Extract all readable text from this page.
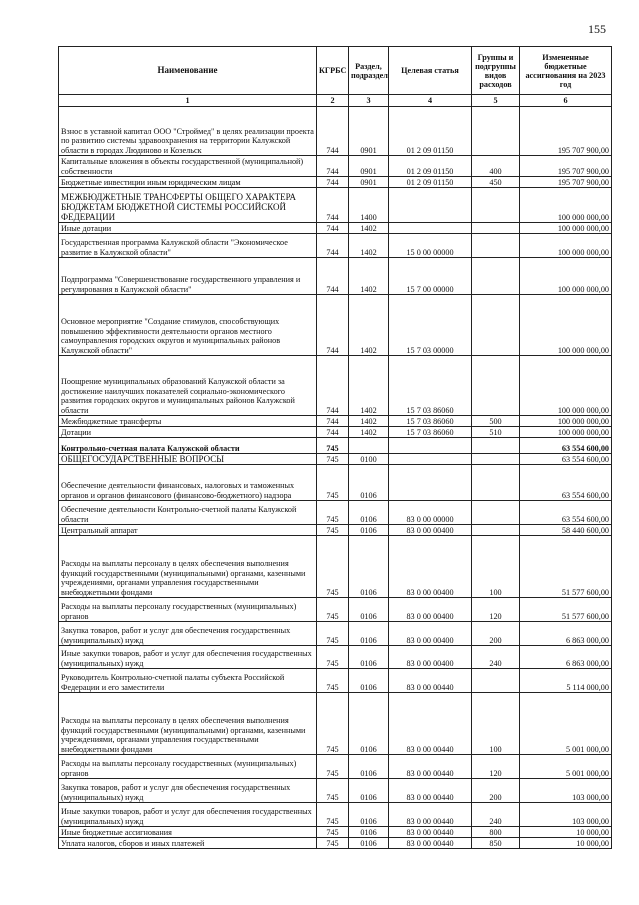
155
Наименование	КГРБС	Раздел, подраздел	Целевая статья	Группы и подгруппы видов расходов	Измененные бюджетные ассигнования на 2023 год
1	2	3	4	5	6
Взнос в уставной капитал ООО "Строймед" в целях реализации проекта по развитию системы здравоохранения на территории Калужской области в городах Людиново и Козельск	744	0901	01 2 09 01150		195 707 900,00
Капитальные вложения в объекты государственной (муниципальной) собственности	744	0901	01 2 09 01150	400	195 707 900,00
Бюджетные инвестиции иным юридическим лицам	744	0901	01 2 09 01150	450	195 707 900,00
МЕЖБЮДЖЕТНЫЕ ТРАНСФЕРТЫ ОБЩЕГО ХАРАКТЕРА БЮДЖЕТАМ БЮДЖЕТНОЙ СИСТЕМЫ РОССИЙСКОЙ ФЕДЕРАЦИИ	744	1400			100 000 000,00
Иные дотации	744	1402			100 000 000,00
Государственная программа Калужской области "Экономическое развитие в Калужской области"	744	1402	15 0 00 00000		100 000 000,00
Подпрограмма "Совершенствование государственного управления и регулирования в Калужской области"	744	1402	15 7 00 00000		100 000 000,00
Основное мероприятие "Создание стимулов, способствующих повышению эффективности деятельности органов местного самоуправления городских округов и муниципальных районов Калужской области"	744	1402	15 7 03 00000		100 000 000,00
Поощрение муниципальных образований Калужской области за достижение наилучших показателей социально-экономического развития городских округов и муниципальных районов Калужской области	744	1402	15 7 03 86060		100 000 000,00
Межбюджетные трансферты	744	1402	15 7 03 86060	500	100 000 000,00
Дотации	744	1402	15 7 03 86060	510	100 000 000,00
Контрольно-счетная палата Калужской области	745				63 554 600,00
ОБЩЕГОСУДАРСТВЕННЫЕ ВОПРОСЫ	745	0100			63 554 600,00
Обеспечение деятельности финансовых, налоговых и таможенных органов и органов финансового (финансово-бюджетного) надзора	745	0106			63 554 600,00
Обеспечение деятельности Контрольно-счетной палаты Калужской области	745	0106	83 0 00 00000		63 554 600,00
Центральный аппарат	745	0106	83 0 00 00400		58 440 600,00
Расходы на выплаты персоналу в целях обеспечения выполнения функций государственными (муниципальными) органами, казенными учреждениями, органами управления государственными внебюджетными фондами	745	0106	83 0 00 00400	100	51 577 600,00
Расходы на выплаты персоналу государственных (муниципальных) органов	745	0106	83 0 00 00400	120	51 577 600,00
Закупка товаров, работ и услуг для обеспечения государственных (муниципальных) нужд	745	0106	83 0 00 00400	200	6 863 000,00
Иные закупки товаров, работ и услуг для обеспечения государственных (муниципальных) нужд	745	0106	83 0 00 00400	240	6 863 000,00
Руководитель Контрольно-счетной палаты субъекта Российской Федерации и его заместители	745	0106	83 0 00 00440		5 114 000,00
Расходы на выплаты персоналу в целях обеспечения выполнения функций государственными (муниципальными) органами, казенными учреждениями, органами управления государственными внебюджетными фондами	745	0106	83 0 00 00440	100	5 001 000,00
Расходы на выплаты персоналу государственных (муниципальных) органов	745	0106	83 0 00 00440	120	5 001 000,00
Закупка товаров, работ и услуг для обеспечения государственных (муниципальных) нужд	745	0106	83 0 00 00440	200	103 000,00
Иные закупки товаров, работ и услуг для обеспечения государственных (муниципальных) нужд	745	0106	83 0 00 00440	240	103 000,00
Иные бюджетные ассигнования	745	0106	83 0 00 00440	800	10 000,00
Уплата налогов, сборов и иных платежей	745	0106	83 0 00 00440	850	10 000,00
